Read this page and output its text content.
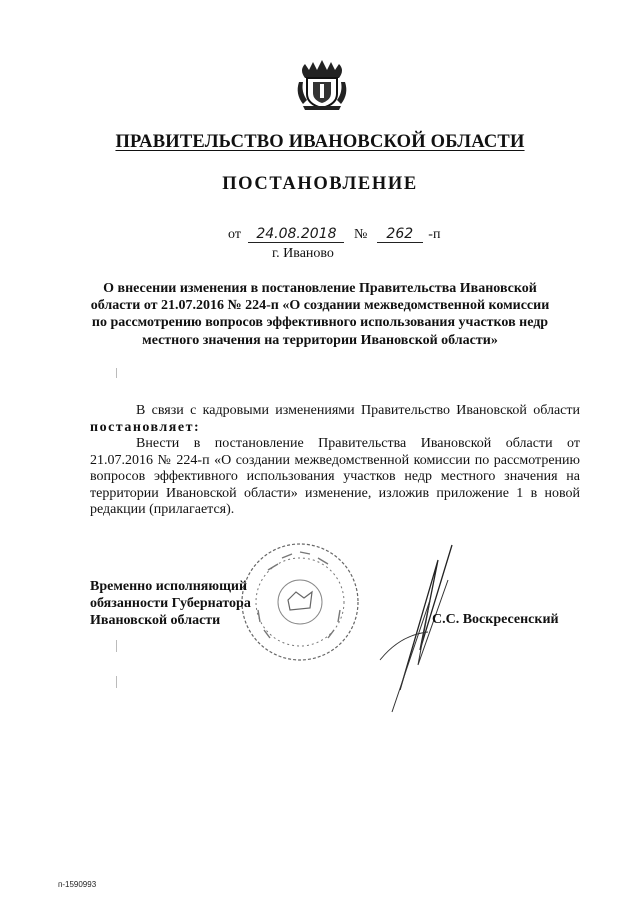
ПРАВИТЕЛЬСТВО ИВАНОВСКОЙ ОБЛАСТИ
ПОСТАНОВЛЕНИЕ
от 24.08.2018 № 262 -п
г. Иваново
О внесении изменения в постановление Правительства Ивановской области от 21.07.2016 № 224-п «О создании межведомственной комиссии по рассмотрению вопросов эффективного использования участков недр местного значения на территории Ивановской области»
В связи с кадровыми изменениями Правительство Ивановской области постановляет:
Внести в постановление Правительства Ивановской области от 21.07.2016 № 224-п «О создании межведомственной комиссии по рассмотрению вопросов эффективного использования участков недр местного значения на территории Ивановской области» изменение, изложив приложение 1 в новой редакции (прилагается).
Временно исполняющий
обязанности Губернатора
Ивановской области	С.С. Воскресенский
п-1590993
